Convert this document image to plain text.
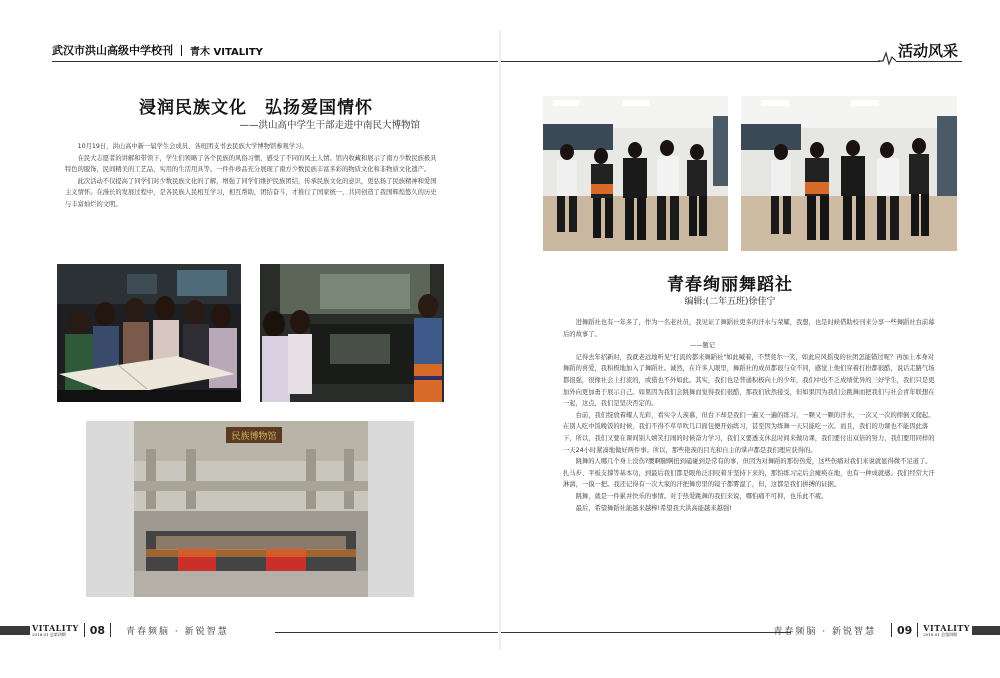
武汉市洪山高级中学校刊 青木 VITALITY	活动风采
浸润民族文化　弘扬爱国情怀
——洪山高中学生干部走进中南民大博物馆

10月19日，洪山高中新一届学生会成员、各班团支书去民族大学博物馆参观学习。

在民大志愿者的讲解和带领下，学生们领略了各个民族的风俗习惯，感受了不同的风土人情。馆内收藏和展示了南方少数民族极具特色的服饰，民间精美的工艺品，实用的生活用具等。一件件珍品充分展现了南方少数民族丰富多彩的物质文化和非物质文化遗产。

此次活动不仅提高了同学们对少数民族文化的了解，增强了同学们维护民族团结，传承民族文化的意识，更弘扬了民族精神和爱国主义情怀。在漫长的发展过程中，是各民族人民相互学习，相互帮助，团结奋斗，才推行了国家统一，共同创造了我国辉煌悠久的历史与丰富灿烂的文明。

民族博物馆
青春绚丽舞蹈社
编辑:(二年五班)徐佳宁

进舞蹈社也有一年多了，作为一名老社员，我见证了舞蹈社更多的汗水与荣耀，我想，也是时候借助校刊来分享一些舞蹈社台前幕后的故事了。

——题记

记得去年招新时，我就老远地听见"打流的都来舞蹈社"如此喊着，不禁莞尔一笑，如此应风摇曳的社团怎能错过呢？再加上本身对舞蹈的喜爱，我积极地加入了舞蹈社。诚然，在许多人眼里，舞蹈社的成员都很与众不同，感觉上他们穿着打扮都很酷，说话走路气场都很强，很像社会上打流的，或猎也不外如此。其实，我们也是普通积极向上的少年，我们中也不乏成绩优异的三好学生，我们只是更加外向更加勇于展示自己。如果因为我们会跳舞而觉得我们很酷，那我们欣然接受，但如果因为我们会跳舞而把我们与社会青年联想在一起，这点，我们是坚决否定的。

台前，我们绽放着耀人光彩，看实令人羡慕，但台下却是我们一遍又一遍的练习，一颗又一颗的汗水，一次又一次的摔倒又爬起。在别人吃中饭晚饭的时候，我们不得不草草吹几口面包便开始练习，甚至因为练舞一天只能吃一次。而且，我们的功课也不能因此落下，所以，我们又要在课间别人嬉笑打闹的时候奋力学习，我们又要透支休息时间来做功课，我们要付出双倍的努力，我们要用同样的一天24小时紧凑地做好两件事。所以，那些艳羡的目光和自主的掌声都是我们理应获得的。

跳舞的人哪几个身上没伤?腰啊腿啊扭到磕碰到是常有的事，但因为对舞蹈的那份热爱，这些伤痛对我们来说就显得微不足道了。扎马步、平板支撑等基本功，到最后我们都是眼角泛泪咬着牙坚持下来的，那怕练习完后会瘫痪在地，也有一种成就感。我们经常大汗淋漓，一摸一把。我还记得有一次大家的汗把舞房里的镜子都雾湿了，但，这都是我们拼搏的证据。

跳舞，就是一件累并快乐的事情。对于热爱跳舞的我们来说，哪怕痛不可抑，也乐此不疲。

最后，希望舞蹈社能越来越棒!希望我大洪高能越来越强!

VITALITY
2018.01 总第四期	08 青春频脑 · 新锐智慧	青春频脑 · 新锐智慧 09 VITALITY
2018.01 总第四期
